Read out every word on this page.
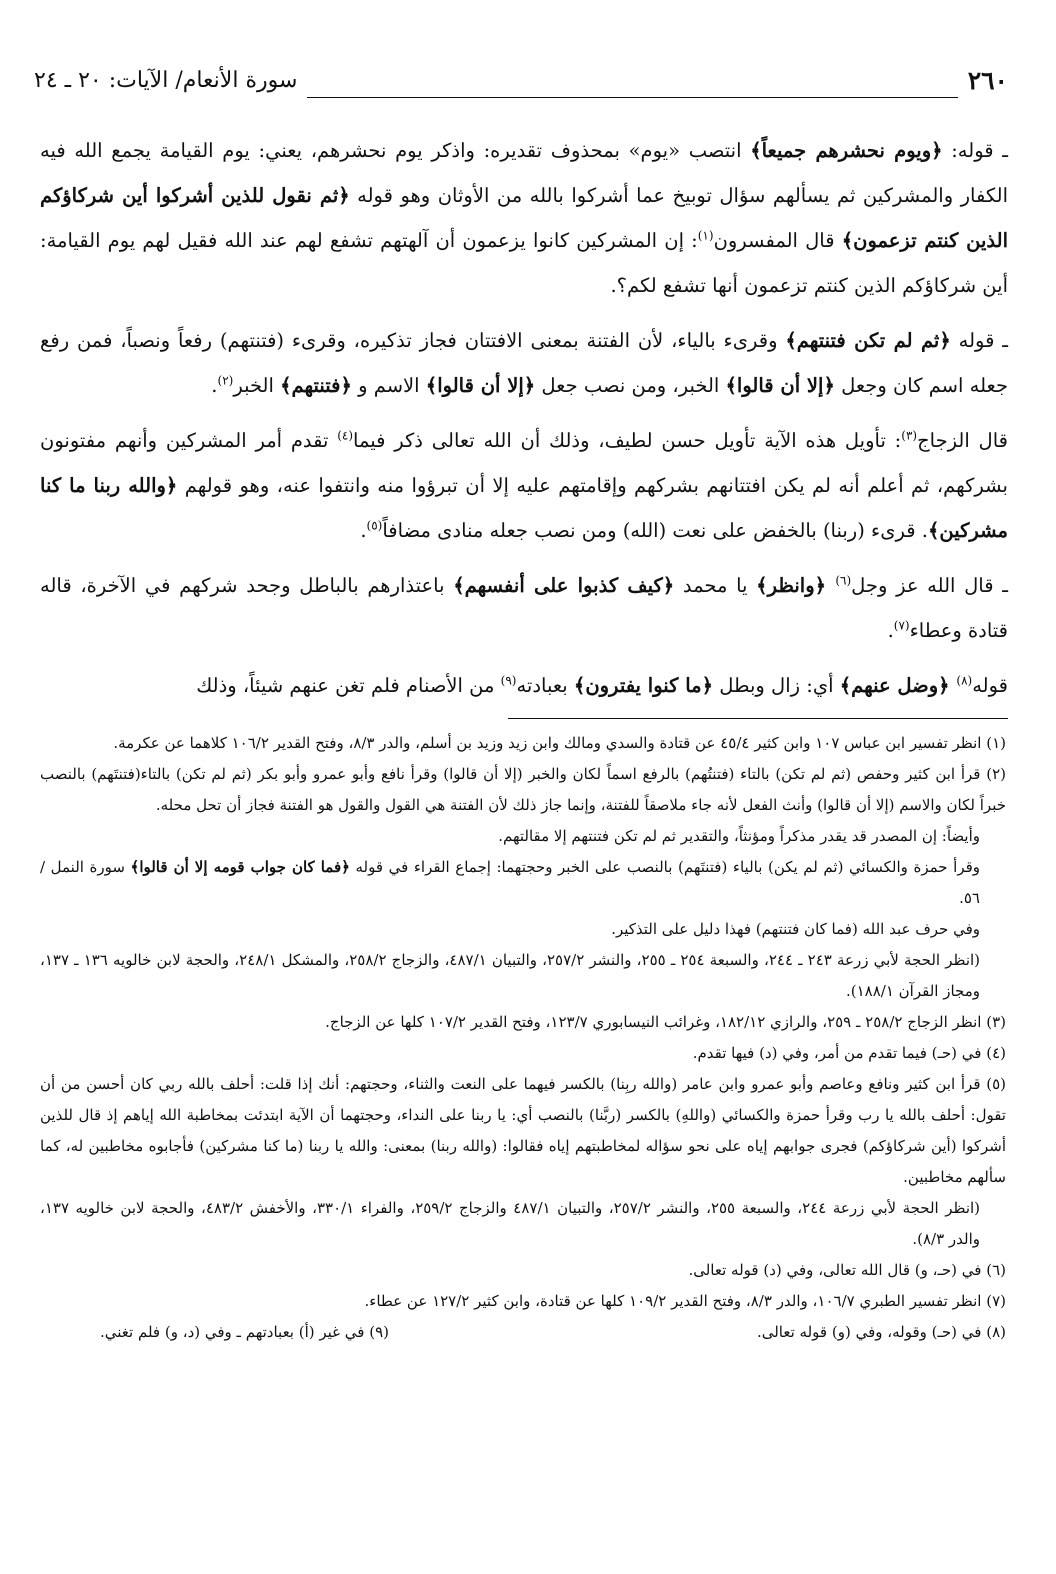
٢٦٠
سورة الأنعام/ الآيات: ٢٠ ـ ٢٤

ـ قوله: ﴿ويوم نحشرهم جميعاً﴾ انتصب «يوم» بمحذوف تقديره: واذكر يوم نحشرهم، يعني: يوم القيامة يجمع الله فيه الكفار والمشركين ثم يسألهم سؤال توبيخ عما أشركوا بالله من الأوثان وهو قوله ﴿ثم نقول للذين أشركوا أين شركاؤكم الذين كنتم تزعمون﴾ قال المفسرون$^{(١)}$: إن المشركين كانوا يزعمون أن آلهتهم تشفع لهم عند الله فقيل لهم يوم القيامة: أين شركاؤكم الذين كنتم تزعمون أنها تشفع لكم؟.

ـ قوله ﴿ثم لم تكن فتنتهم﴾ وقرىء بالياء، لأن الفتنة بمعنى الافتتان فجاز تذكيره، وقرىء (فتنتهم) رفعاً ونصباً، فمن رفع جعله اسم كان وجعل ﴿إلا أن قالوا﴾ الخبر، ومن نصب جعل ﴿إلا أن قالوا﴾ الاسم و ﴿فتنتهم﴾ الخبر$^{(٢)}$.

قال الزجاج$^{(٣)}$: تأويل هذه الآية تأويل حسن لطيف، وذلك أن الله تعالى ذكر فيما$^{(٤)}$ تقدم أمر المشركين وأنهم مفتونون بشركهم، ثم أعلم أنه لم يكن افتتانهم بشركهم وإقامتهم عليه إلا أن تبرؤوا منه وانتفوا عنه، وهو قولهم ﴿والله ربنا ما كنا مشركين﴾. قرىء (ربنا) بالخفض على نعت (الله) ومن نصب جعله منادى مضافاً$^{(٥)}$.

ـ قال الله عز وجل$^{(٦)}$ ﴿وانظر﴾ يا محمد ﴿كيف كذبوا على أنفسهم﴾ باعتذارهم بالباطل وجحد شركهم في الآخرة، قاله قتادة وعطاء$^{(٧)}$.

قوله$^{(٨)}$ ﴿وضل عنهم﴾ أي: زال وبطل ﴿ما كنوا يفترون﴾ بعبادته$^{(٩)}$ من الأصنام فلم تغن عنهم شيئاً، وذلك

(١) انظر تفسير ابن عباس ١٠٧ وابن كثير ٤٥/٤ عن قتادة والسدي ومالك وابن زيد وزيد بن أسلم، والدر ٨/٣، وفتح القدير ١٠٦/٢ كلاهما عن عكرمة.

(٢) قرأ ابن كثير وحفص (ثم لم تكن) بالتاء (فتنتُهم) بالرفع اسماً لكان والخبر (إلا أن قالوا) وقرأ نافع وأبو عمرو وأبو بكر (ثم لم تكن) بالتاء(فتنتَهم) بالنصب خبراً لكان والاسم (إلا أن قالوا) وأنث الفعل لأنه جاء ملاصقاً للفتنة، وإنما جاز ذلك لأن الفتنة هي القول والقول هو الفتنة فجاز أن تحل محله.

وأيضاً: إن المصدر قد يقدر مذكراً ومؤنثاً، والتقدير ثم لم تكن فتنتهم إلا مقالتهم.

وقرأ حمزة والكسائي (ثم لم يكن) بالياء (فتنتَهم) بالنصب على الخبر وحجتهما: إجماع القراء في قوله ﴿فما كان جواب قومه إلا أن قالوا﴾ سورة النمل /٥٦.

وفي حرف عبد الله (فما كان فتنتهم) فهذا دليل على التذكير.

(انظر الحجة لأبي زرعة ٢٤٣ ـ ٢٤٤، والسبعة ٢٥٤ ـ ٢٥٥، والنشر ٢٥٧/٢، والتبيان ٤٨٧/١، والزجاج ٢٥٨/٢، والمشكل ٢٤٨/١، والحجة لابن خالويه ١٣٦ ـ ١٣٧، ومجاز القرآن ١٨٨/١).

(٣) انظر الزجاج ٢٥٨/٢ ـ ٢٥٩، والرازي ١٨٢/١٢، وغرائب النيسابوري ١٢٣/٧، وفتح القدير ١٠٧/٢ كلها عن الزجاج.

(٤) في (حـ) فيما تقدم من أمر، وفي (د) فيها تقدم.

(٥) قرأ ابن كثير ونافع وعاصم وأبو عمرو وابن عامر (والله ربِنا) بالكسر فيهما على النعت والثناء، وحجتهم: أنك إذا قلت: أحلف بالله ربي كان أحسن من أن تقول: أحلف بالله يا رب وقرأ حمزة والكسائي (واللهِ) بالكسر (ربَّنا) بالنصب أي: يا ربنا على النداء، وحجتهما أن الآية ابتدئت بمخاطبة الله إياهم إذ قال للذين أشركوا (أين شركاؤكم) فجرى جوابهم إياه على نحو سؤاله لمخاطبتهم إياه فقالوا: (والله ربنا) بمعنى: والله يا ربنا (ما كنا مشركين) فأجابوه مخاطبين له، كما سألهم مخاطبين.

(انظر الحجة لأبي زرعة ٢٤٤، والسبعة ٢٥٥، والنشر ٢٥٧/٢، والتبيان ٤٨٧/١ والزجاج ٢٥٩/٢، والفراء ٣٣٠/١، والأخفش ٤٨٣/٢، والحجة لابن خالويه ١٣٧، والدر ٨/٣).

(٦) في (حـ، و) قال الله تعالى، وفي (د) قوله تعالى.

(٧) انظر تفسير الطبري ١٠٦/٧، والدر ٨/٣، وفتح القدير ١٠٩/٢ كلها عن قتادة، وابن كثير ١٢٧/٢ عن عطاء.

(٨) في (حـ) وقوله، وفي (و) قوله تعالى.
(٩) في غير (أ) بعبادتهم ـ وفي (د، و) فلم تغني.
